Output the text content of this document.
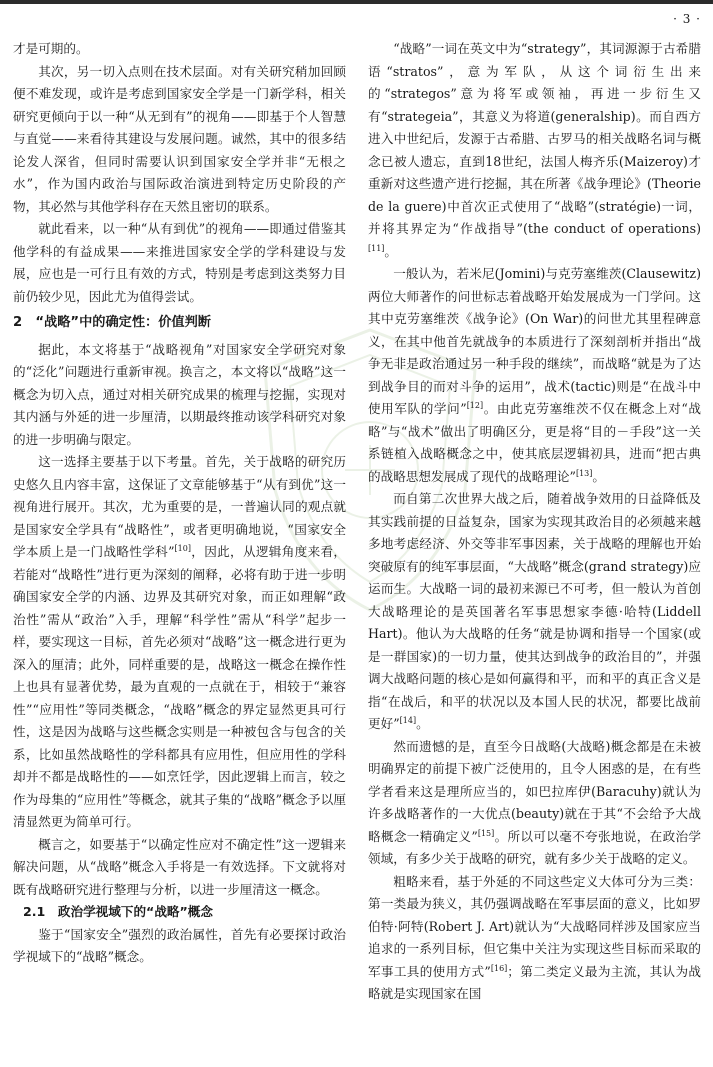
· 3 ·

才是可期的。

其次，另一切入点则在技术层面。对有关研究稍加回顾便不难发现，或许是考虑到国家安全学是一门新学科，相关研究更倾向于以一种“从无到有”的视角——即基于个人智慧与直觉——来看待其建设与发展问题。诚然，其中的很多结论发人深省，但同时需要认识到国家安全学并非“无根之水”，作为国内政治与国际政治演进到特定历史阶段的产物，其必然与其他学科存在天然且密切的联系。

就此看来，以一种“从有到优”的视角——即通过借鉴其他学科的有益成果——来推进国家安全学的学科建设与发展，应也是一可行且有效的方式，特别是考虑到这类努力目前仍较少见，因此尤为值得尝试。

2　“战略”中的确定性：价值判断

据此，本文将基于“战略视角”对国家安全学研究对象的“泛化”问题进行重新审视。换言之，本文将以“战略”这一概念为切入点，通过对相关研究成果的梳理与挖掘，实现对其内涵与外延的进一步厘清，以期最终推动该学科研究对象的进一步明确与限定。

这一选择主要基于以下考量。首先，关于战略的研究历史悠久且内容丰富，这保证了文章能够基于“从有到优”这一视角进行展开。其次，尤为重要的是，一普遍认同的观点就是国家安全学具有“战略性”，或者更明确地说，“国家安全学本质上是一门战略性学科”[10]，因此，从逻辑角度来看，若能对“战略性”进行更为深刻的阐释，必将有助于进一步明确国家安全学的内涵、边界及其研究对象，而正如理解“政治性”需从“政治”入手，理解“科学性”需从“科学”起步一样，要实现这一目标，首先必须对“战略”这一概念进行更为深入的厘清；此外，同样重要的是，战略这一概念在操作性上也具有显著优势，最为直观的一点就在于，相较于“兼容性”“应用性”等同类概念，“战略”概念的界定显然更具可行性，这是因为战略与这些概念实则是一种被包含与包含的关系，比如虽然战略性的学科都具有应用性，但应用性的学科却并不都是战略性的——如烹饪学，因此逻辑上而言，较之作为母集的“应用性”等概念，就其子集的“战略”概念予以厘清显然更为简单可行。

概言之，如要基于“以确定性应对不确定性”这一逻辑来解决问题，从“战略”概念入手将是一有效选择。下文就将对既有战略研究进行整理与分析，以进一步厘清这一概念。

2.1　政治学视域下的“战略”概念

鉴于“国家安全”强烈的政治属性，首先有必要探讨政治学视域下的“战略”概念。

“战略”一词在英文中为“strategy”，其词源源于古希腊语“stratos”，意为军队，从这个词衍生出来的“strategos”意为将军或领袖，再进一步衍生又有“strategeia”，其意义为将道(generalship)。而自西方进入中世纪后，发源于古希腊、古罗马的相关战略名词与概念已被人遗忘，直到18世纪，法国人梅齐乐(Maizeroy)才重新对这些遗产进行挖掘，其在所著《战争理论》(Theorie de la guere)中首次正式使用了“战略”(stratégie)一词，并将其界定为“作战指导”(the conduct of operations)[11]。

一般认为，若米尼(Jomini)与克劳塞维茨(Clausewitz)两位大师著作的问世标志着战略开始发展成为一门学问。这其中克劳塞维茨《战争论》(On War)的问世尤其里程碑意义，在其中他首先就战争的本质进行了深刻剖析并指出“战争无非是政治通过另一种手段的继续”，而战略“就是为了达到战争目的而对斗争的运用”，战术(tactic)则是“在战斗中使用军队的学问”[12]。由此克劳塞维茨不仅在概念上对“战略”与“战术”做出了明确区分，更是将“目的－手段”这一关系链植入战略概念之中，使其底层逻辑初具，进而“把古典的战略思想发展成了现代的战略理论”[13]。

而自第二次世界大战之后，随着战争效用的日益降低及其实践前提的日益复杂，国家为实现其政治目的必须越来越多地考虑经济、外交等非军事因素，关于战略的理解也开始突破原有的纯军事层面，“大战略”概念(grand strategy)应运而生。大战略一词的最初来源已不可考，但一般认为首创大战略理论的是英国著名军事思想家李德·哈特(Liddell Hart)。他认为大战略的任务“就是协调和指导一个国家(或是一群国家)的一切力量，使其达到战争的政治目的”，并强调大战略问题的核心是如何赢得和平，而和平的真正含义是指“在战后，和平的状况以及本国人民的状况，都要比战前更好”[14]。

然而遗憾的是，直至今日战略(大战略)概念都是在未被明确界定的前提下被广泛使用的，且令人困惑的是，在有些学者看来这是理所应当的，如巴拉库伊(Baracuhy)就认为许多战略著作的一大优点(beauty)就在于其“不会给予大战略概念一精确定义”[15]。所以可以毫不夸张地说，在政治学领域，有多少关于战略的研究，就有多少关于战略的定义。

粗略来看，基于外延的不同这些定义大体可分为三类：第一类最为狭义，其仍强调战略在军事层面的意义，比如罗伯特·阿特(Robert J. Art)就认为“大战略同样涉及国家应当追求的一系列目标，但它集中关注为实现这些目标而采取的军事工具的使用方式”[16]；第二类定义最为主流，其认为战略就是实现国家在国
